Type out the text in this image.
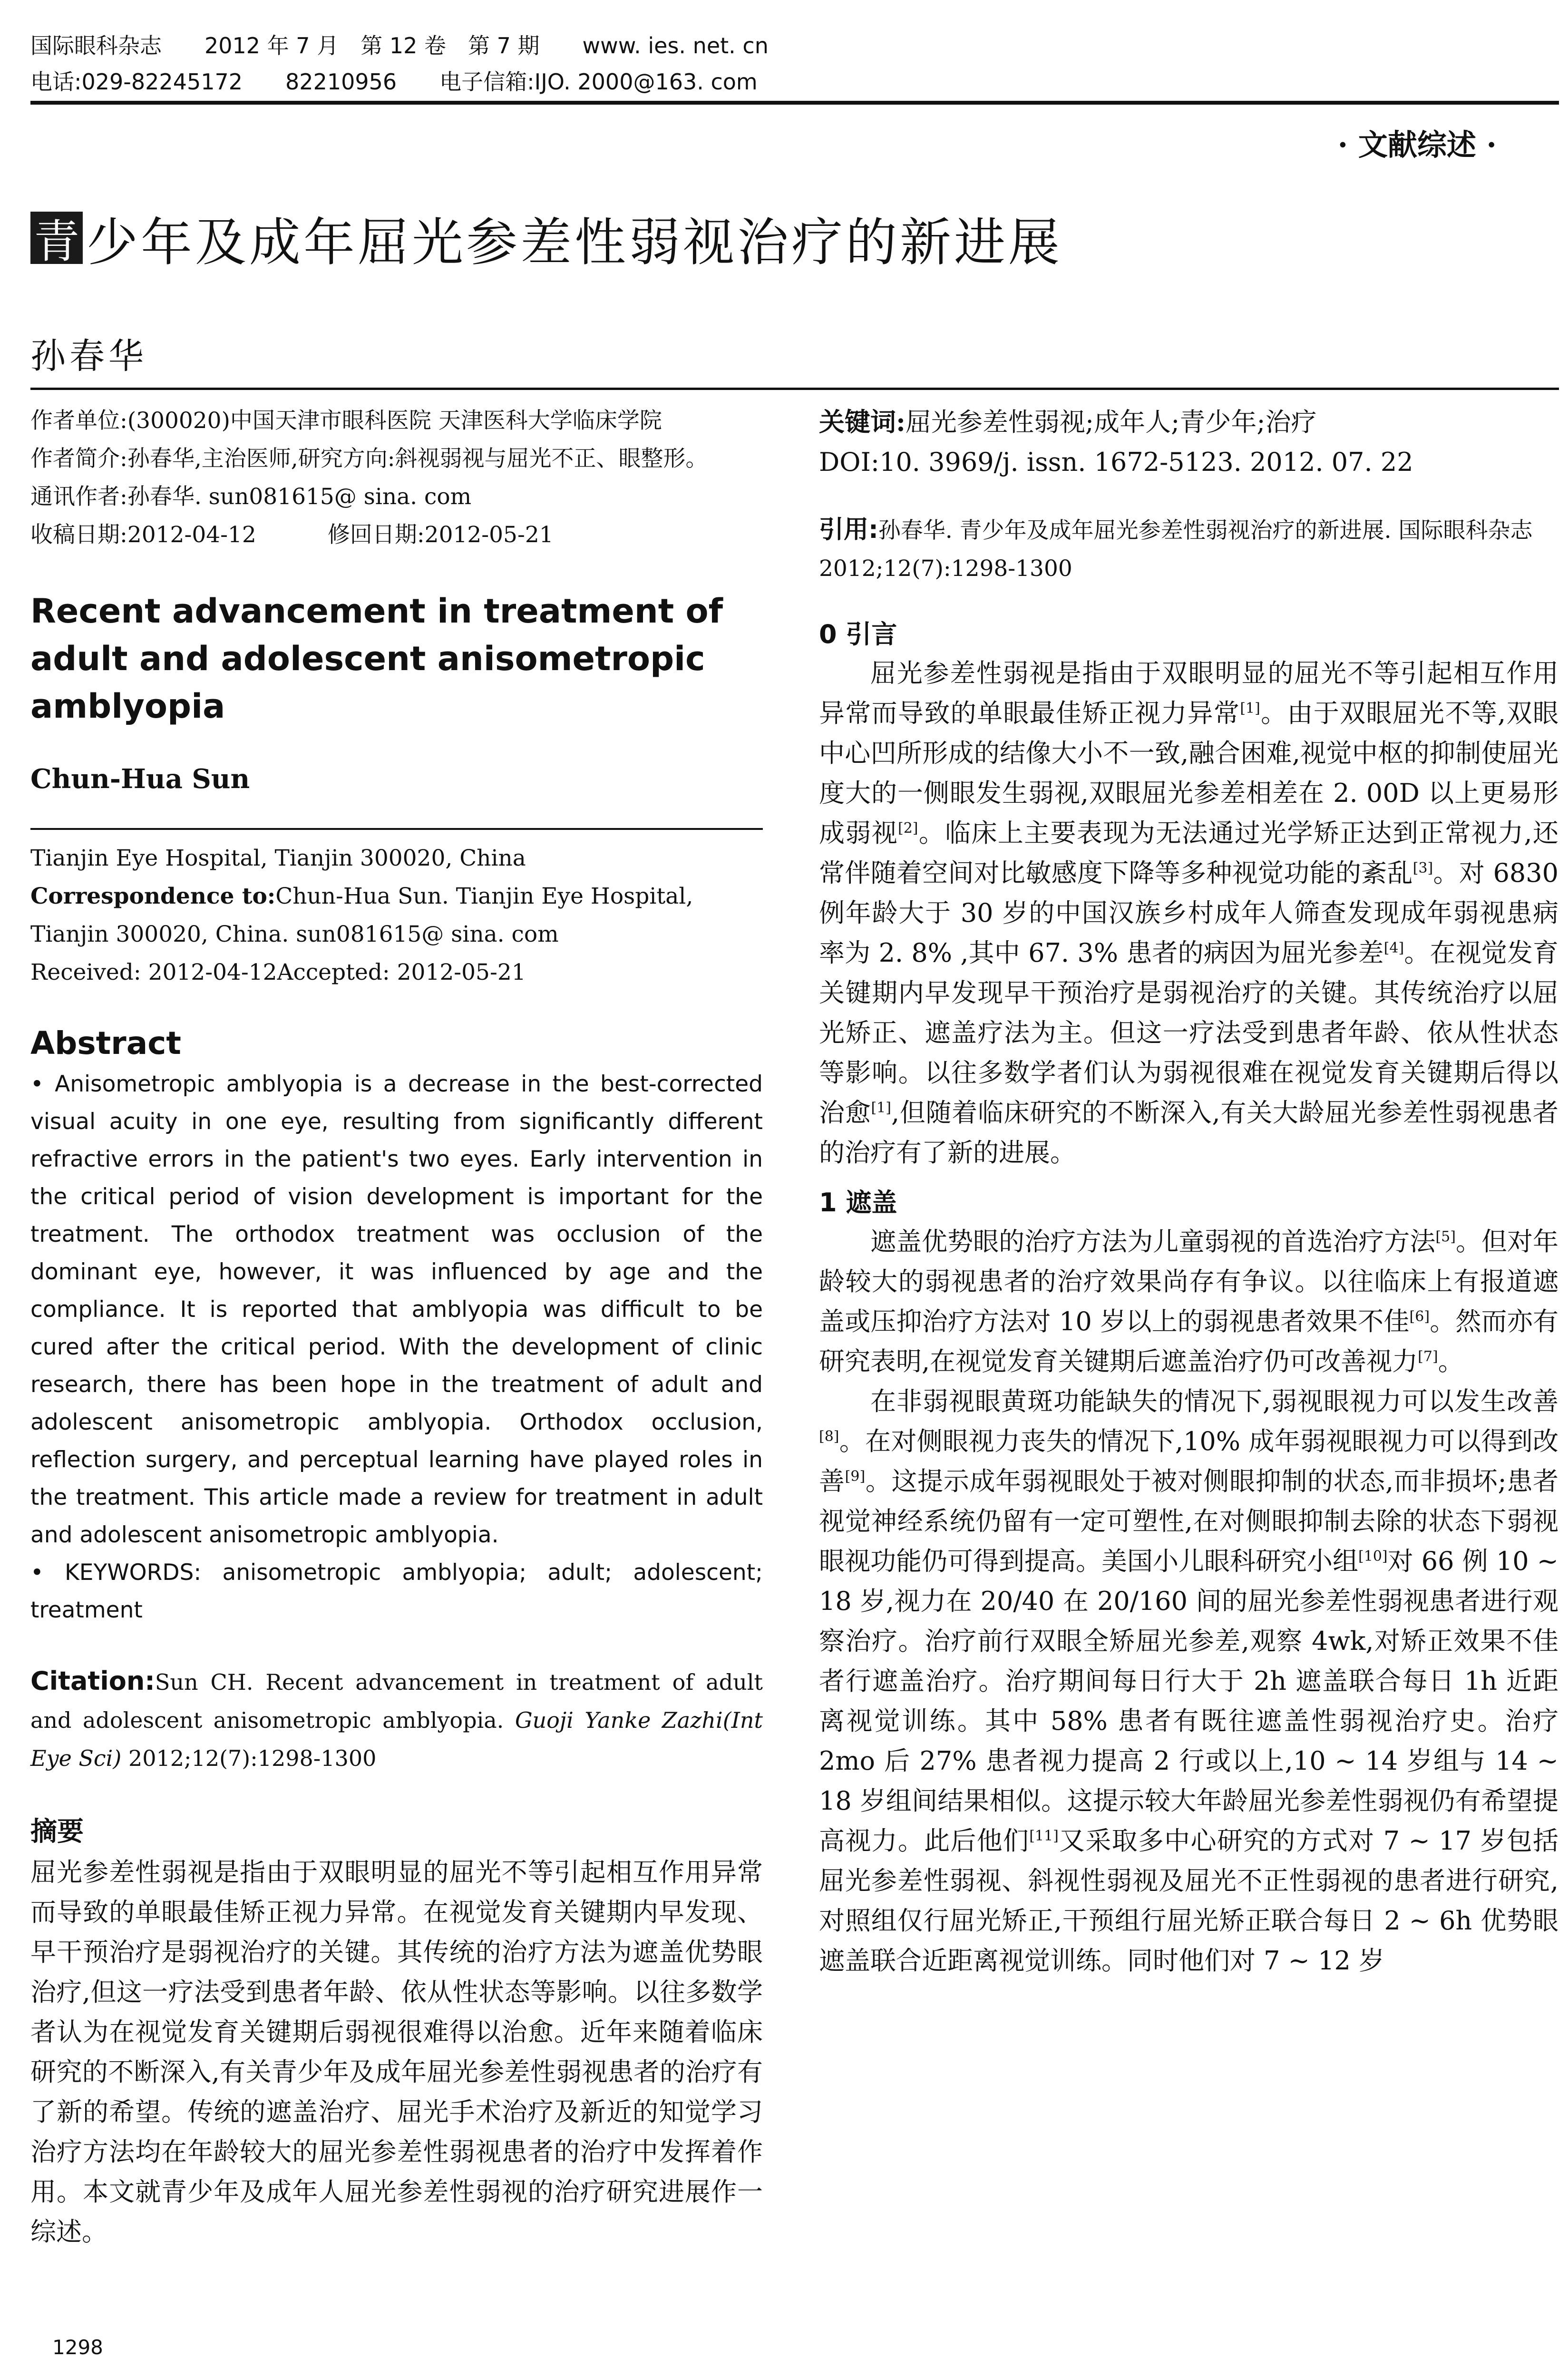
国际眼科杂志 2012 年 7 月　第 12 卷　第 7 期 www. ies. net. cn
电话:029-82245172 82210956 电子信箱:IJO. 2000@163. com
· 文献综述 ·
青 少年及成年屈光参差性弱视治疗的新进展
孙春华

作者单位:(300020)中国天津市眼科医院 天津医科大学临床学院

作者简介:孙春华,主治医师,研究方向:斜视弱视与屈光不正、眼整形。

通讯作者:孙春华. sun081615@ sina. com

收稿日期:2012-04-12	修回日期:2012-05-21

Recent advancement in treatment of adult and adolescent anisometropic amblyopia
Chun-Hua Sun

Tianjin Eye Hospital, Tianjin 300020, China

Correspondence to:Chun-Hua Sun. Tianjin Eye Hospital, Tianjin 300020, China. sun081615@ sina. com

Received: 2012-04-12Accepted: 2012-05-21

Abstract

• Anisometropic amblyopia is a decrease in the best-corrected visual acuity in one eye, resulting from significantly different refractive errors in the patient's two eyes. Early intervention in the critical period of vision development is important for the treatment. The orthodox treatment was occlusion of the dominant eye, however, it was influenced by age and the compliance. It is reported that amblyopia was difficult to be cured after the critical period. With the development of clinic research, there has been hope in the treatment of adult and adolescent anisometropic amblyopia. Orthodox occlusion, reflection surgery, and perceptual learning have played roles in the treatment. This article made a review for treatment in adult and adolescent anisometropic amblyopia.

• KEYWORDS: anisometropic amblyopia; adult; adolescent; treatment

Citation:Sun CH. Recent advancement in treatment of adult and adolescent anisometropic amblyopia. Guoji Yanke Zazhi(Int Eye Sci) 2012;12(7):1298-1300

摘要

屈光参差性弱视是指由于双眼明显的屈光不等引起相互作用异常而导致的单眼最佳矫正视力异常。在视觉发育关键期内早发现、早干预治疗是弱视治疗的关键。其传统的治疗方法为遮盖优势眼治疗,但这一疗法受到患者年龄、依从性状态等影响。以往多数学者认为在视觉发育关键期后弱视很难得以治愈。近年来随着临床研究的不断深入,有关青少年及成年屈光参差性弱视患者的治疗有了新的希望。传统的遮盖治疗、屈光手术治疗及新近的知觉学习治疗方法均在年龄较大的屈光参差性弱视患者的治疗中发挥着作用。本文就青少年及成年人屈光参差性弱视的治疗研究进展作一综述。

关键词:屈光参差性弱视;成年人;青少年;治疗

DOI:10. 3969/j. issn. 1672-5123. 2012. 07. 22

引用:孙春华. 青少年及成年屈光参差性弱视治疗的新进展. 国际眼科杂志 2012;12(7):1298-1300

0 引言

屈光参差性弱视是指由于双眼明显的屈光不等引起相互作用异常而导致的单眼最佳矫正视力异常[1]。由于双眼屈光不等,双眼中心凹所形成的结像大小不一致,融合困难,视觉中枢的抑制使屈光度大的一侧眼发生弱视,双眼屈光参差相差在 2. 00D 以上更易形成弱视[2]。临床上主要表现为无法通过光学矫正达到正常视力,还常伴随着空间对比敏感度下降等多种视觉功能的紊乱[3]。对 6830 例年龄大于 30 岁的中国汉族乡村成年人筛查发现成年弱视患病率为 2. 8% ,其中 67. 3% 患者的病因为屈光参差[4]。在视觉发育关键期内早发现早干预治疗是弱视治疗的关键。其传统治疗以屈光矫正、遮盖疗法为主。但这一疗法受到患者年龄、依从性状态等影响。以往多数学者们认为弱视很难在视觉发育关键期后得以治愈[1],但随着临床研究的不断深入,有关大龄屈光参差性弱视患者的治疗有了新的进展。

1 遮盖

遮盖优势眼的治疗方法为儿童弱视的首选治疗方法[5]。但对年龄较大的弱视患者的治疗效果尚存有争议。以往临床上有报道遮盖或压抑治疗方法对 10 岁以上的弱视患者效果不佳[6]。然而亦有研究表明,在视觉发育关键期后遮盖治疗仍可改善视力[7]。

在非弱视眼黄斑功能缺失的情况下,弱视眼视力可以发生改善[8]。在对侧眼视力丧失的情况下,10% 成年弱视眼视力可以得到改善[9]。这提示成年弱视眼处于被对侧眼抑制的状态,而非损坏;患者视觉神经系统仍留有一定可塑性,在对侧眼抑制去除的状态下弱视眼视功能仍可得到提高。美国小儿眼科研究小组[10]对 66 例 10 ~ 18 岁,视力在 20/40 在 20/160 间的屈光参差性弱视患者进行观察治疗。治疗前行双眼全矫屈光参差,观察 4wk,对矫正效果不佳者行遮盖治疗。治疗期间每日行大于 2h 遮盖联合每日 1h 近距离视觉训练。其中 58% 患者有既往遮盖性弱视治疗史。治疗 2mo 后 27% 患者视力提高 2 行或以上,10 ~ 14 岁组与 14 ~ 18 岁组间结果相似。这提示较大年龄屈光参差性弱视仍有希望提高视力。此后他们[11]又采取多中心研究的方式对 7 ~ 17 岁包括屈光参差性弱视、斜视性弱视及屈光不正性弱视的患者进行研究,对照组仅行屈光矫正,干预组行屈光矫正联合每日 2 ~ 6h 优势眼遮盖联合近距离视觉训练。同时他们对 7 ~ 12 岁

1298
